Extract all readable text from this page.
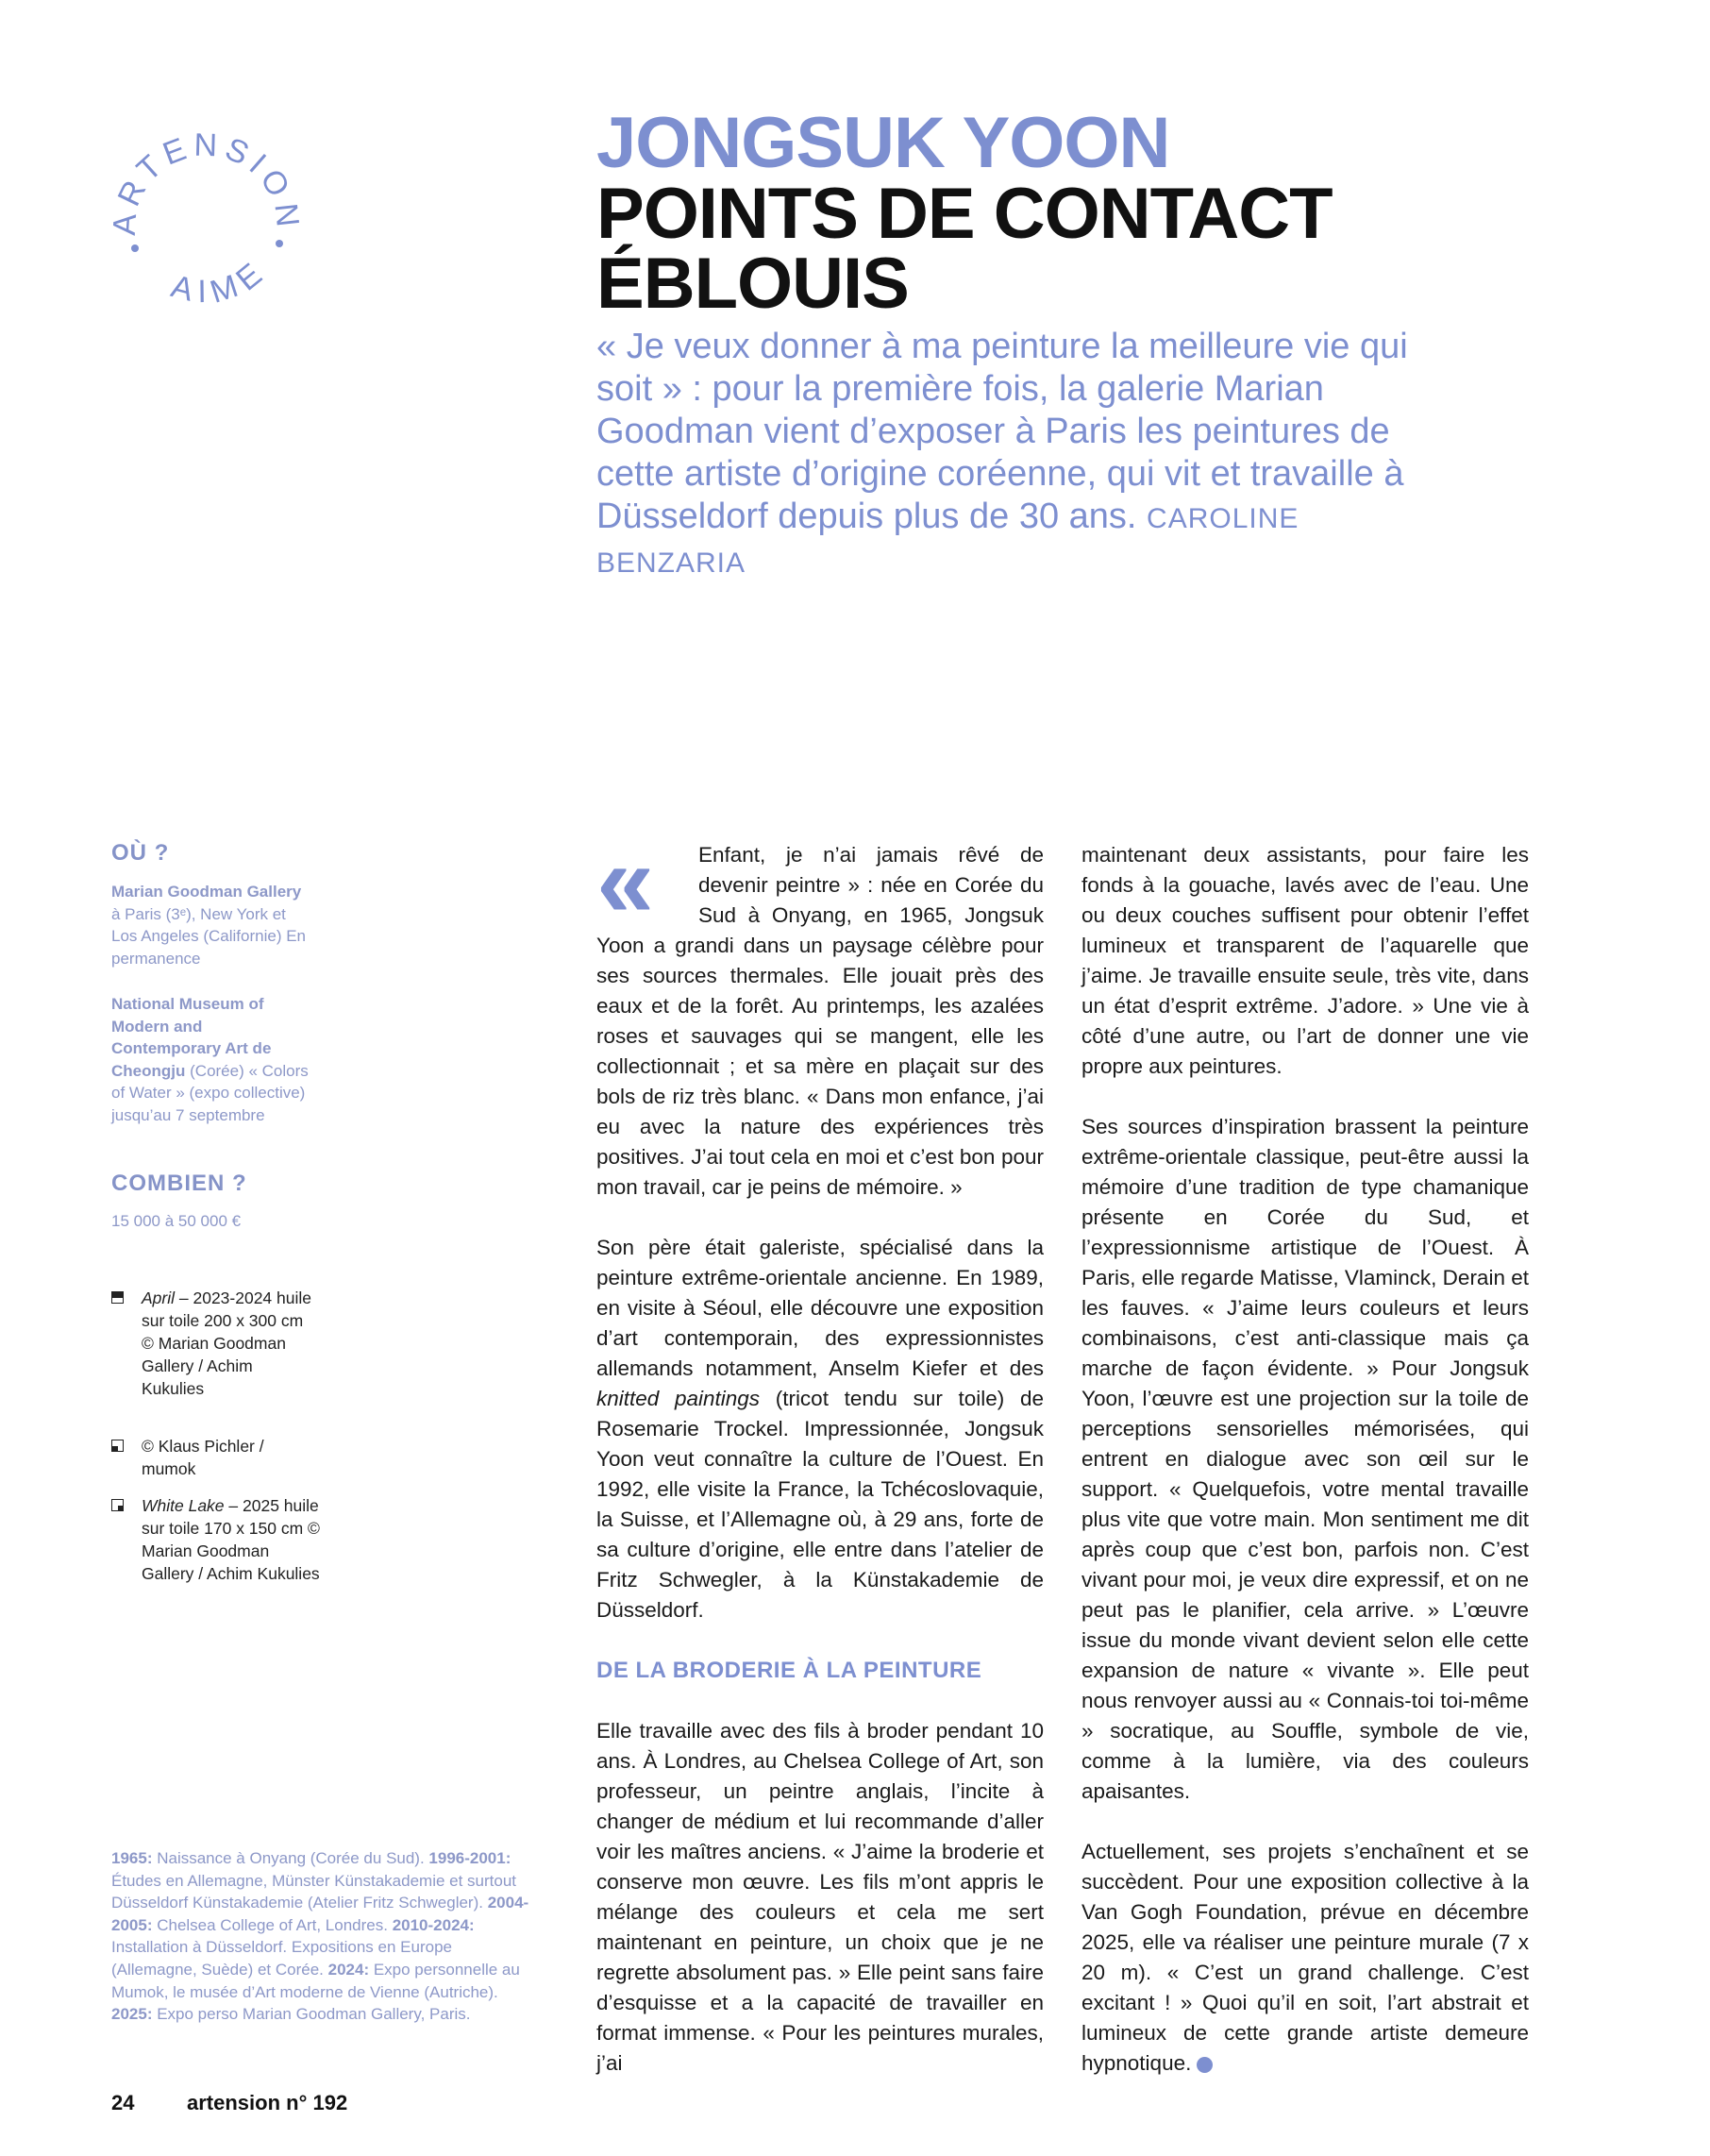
ARTENSION
AIME
JONGSUK YOON
POINTS DE CONTACT ÉBLOUIS
« Je veux donner à ma peinture la meilleure vie qui soit » : pour la première fois, la galerie Marian Goodman vient d’exposer à Paris les peintures de cette artiste d’origine coréenne, qui vit et travaille à Düsseldorf depuis plus de 30 ans. CAROLINE BENZARIA
OÙ ?
Marian Goodman Gallery à Paris (3ᵉ), New York et Los Angeles (Californie) En permanence
National Museum of Modern and Contemporary Art de Cheongju (Corée) « Colors of Water » (expo collective) jusqu’au 7 septembre
COMBIEN ?
15 000 à 50 000 €
April – 2023-2024 huile sur toile 200 x 300 cm © Marian Goodman Gallery / Achim Kukulies
© Klaus Pichler / mumok
White Lake – 2025 huile sur toile 170 x 150 cm © Marian Goodman Gallery / Achim Kukulies
1965: Naissance à Onyang (Corée du Sud). 1996-2001: Études en Allemagne, Münster Künstakademie et surtout Düsseldorf Künstakademie (Atelier Fritz Schwegler). 2004-2005: Chelsea College of Art, Londres. 2010-2024: Installation à Düsseldorf. Expositions en Europe (Allemagne, Suède) et Corée. 2024: Expo personnelle au Mumok, le musée d’Art moderne de Vienne (Autriche). 2025: Expo perso Marian Goodman Gallery, Paris.

«	Enfant, je n’ai jamais rêvé de devenir peintre » : née en Corée du Sud à Onyang, en 1965, Jongsuk Yoon a grandi dans un paysage célèbre pour ses sources thermales. Elle jouait près des eaux et de la forêt. Au printemps, les azalées roses et sauvages qui se mangent, elle les collectionnait ; et sa mère en plaçait sur des bols de riz très blanc. « Dans mon enfance, j’ai eu avec la nature des expériences très positives. J’ai tout cela en moi et c’est bon pour mon travail, car je peins de mémoire. »

Son père était galeriste, spécialisé dans la peinture extrême-orientale ancienne. En 1989, en visite à Séoul, elle découvre une exposition d’art contemporain, des expressionnistes allemands notamment, Anselm Kiefer et des knitted paintings (tricot tendu sur toile) de Rosemarie Trockel. Impressionnée, Jongsuk Yoon veut connaître la culture de l’Ouest. En 1992, elle visite la France, la Tchécoslovaquie, la Suisse, et l’Allemagne où, à 29 ans, forte de sa culture d’origine, elle entre dans l’atelier de Fritz Schwegler, à la Künstakademie de Düsseldorf.

DE LA BRODERIE À LA PEINTURE

Elle travaille avec des fils à broder pendant 10 ans. À Londres, au Chelsea College of Art, son professeur, un peintre anglais, l’incite à changer de médium et lui recommande d’aller voir les maîtres anciens. « J’aime la broderie et conserve mon œuvre. Les fils m’ont appris le mélange des couleurs et cela me sert maintenant en peinture, un choix que je ne regrette absolument pas. » Elle peint sans faire d’esquisse et a la capacité de travailler en format immense. « Pour les peintures murales, j’ai

maintenant deux assistants, pour faire les fonds à la gouache, lavés avec de l’eau. Une ou deux couches suffisent pour obtenir l’effet lumineux et transparent de l’aquarelle que j’aime. Je travaille ensuite seule, très vite, dans un état d’esprit extrême. J’adore. » Une vie à côté d’une autre, ou l’art de donner une vie propre aux peintures.

Ses sources d’inspiration brassent la peinture extrême-orientale classique, peut-être aussi la mémoire d’une tradition de type chamanique présente en Corée du Sud, et l’expressionnisme artistique de l’Ouest. À Paris, elle regarde Matisse, Vlaminck, Derain et les fauves. « J’aime leurs couleurs et leurs combinaisons, c’est anti-classique mais ça marche de façon évidente. » Pour Jongsuk Yoon, l’œuvre est une projection sur la toile de perceptions sensorielles mémorisées, qui entrent en dialogue avec son œil sur le support. « Quelquefois, votre mental travaille plus vite que votre main. Mon sentiment me dit après coup que c’est bon, parfois non. C’est vivant pour moi, je veux dire expressif, et on ne peut pas le planifier, cela arrive. » L’œuvre issue du monde vivant devient selon elle cette expansion de nature « vivante ». Elle peut nous renvoyer aussi au « Connais-toi toi-même » socratique, au Souffle, symbole de vie, comme à la lumière, via des couleurs apaisantes.

Actuellement, ses projets s’enchaînent et se succèdent. Pour une exposition collective à la Van Gogh Foundation, prévue en décembre 2025, elle va réaliser une peinture murale (7 x 20 m). « C’est un grand challenge. C’est excitant ! » Quoi qu’il en soit, l’art abstrait et lumineux de cette grande artiste demeure hypnotique.

24	artension n° 192
